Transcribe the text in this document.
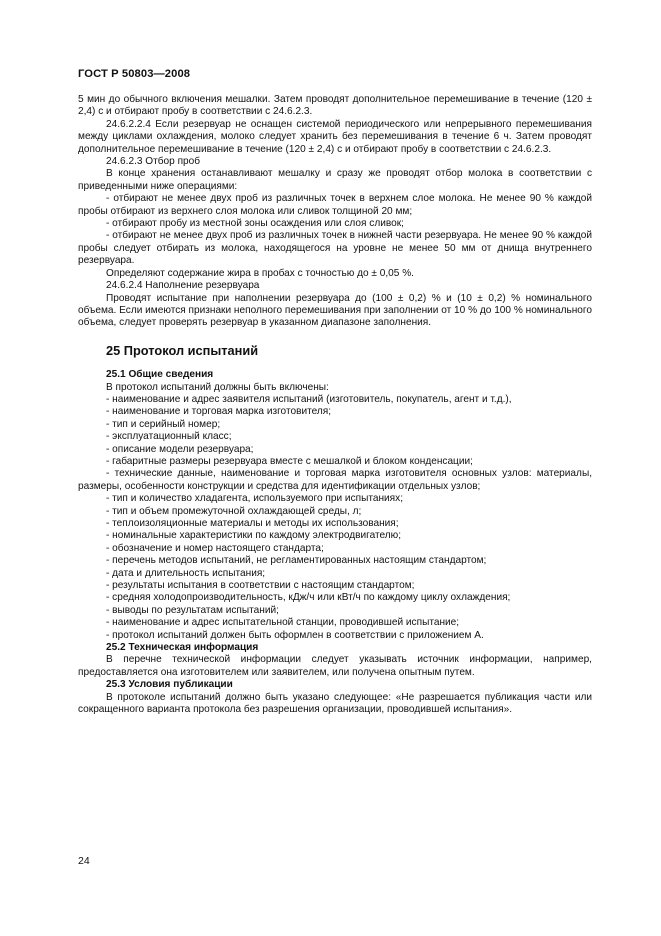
ГОСТ Р 50803—2008

5 мин до обычного включения мешалки. Затем проводят дополнительное перемешивание в течение (120 ± 2,4) с и отбирают пробу в соответствии с 24.6.2.3.

24.6.2.2.4 Если резервуар не оснащен системой периодического или непрерывного перемешивания между циклами охлаждения, молоко следует хранить без перемешивания в течение 6 ч. Затем проводят дополнительное перемешивание в течение (120 ± 2,4) с и отбирают пробу в соответствии с 24.6.2.3.

24.6.2.3 Отбор проб

В конце хранения останавливают мешалку и сразу же проводят отбор молока в соответствии с приведенными ниже операциями:

- отбирают не менее двух проб из различных точек в верхнем слое молока. Не менее 90 % каждой пробы отбирают из верхнего слоя молока или сливок толщиной 20 мм;

- отбирают пробу из местной зоны осаждения или слоя сливок;

- отбирают не менее двух проб из различных точек в нижней части резервуара. Не менее 90 % каждой пробы следует отбирать из молока, находящегося на уровне не менее 50 мм от днища внутреннего резервуара.

Определяют содержание жира в пробах с точностью до ± 0,05 %.

24.6.2.4 Наполнение резервуара

Проводят испытание при наполнении резервуара до (100 ± 0,2) % и (10 ± 0,2) % номинального объема. Если имеются признаки неполного перемешивания при заполнении от 10 % до 100 % номинального объема, следует проверять резервуар в указанном диапазоне заполнения.

25 Протокол испытаний

25.1 Общие сведения

В протокол испытаний должны быть включены:

- наименование и адрес заявителя испытаний (изготовитель, покупатель, агент и т.д.),

- наименование и торговая марка изготовителя;

- тип и серийный номер;

- эксплуатационный класс;

- описание модели резервуара;

- габаритные размеры резервуара вместе с мешалкой и блоком конденсации;

- технические данные, наименование и торговая марка изготовителя основных узлов: материалы, размеры, особенности конструкции и средства для идентификации отдельных узлов;

- тип и количество хладагента, используемого при испытаниях;

- тип и объем промежуточной охлаждающей среды, л;

- теплоизоляционные материалы и методы их использования;

- номинальные характеристики по каждому электродвигателю;

- обозначение и номер настоящего стандарта;

- перечень методов испытаний, не регламентированных настоящим стандартом;

- дата и длительность испытания;

- результаты испытания в соответствии с настоящим стандартом;

- средняя холодопроизводительность, кДж/ч или кВт/ч по каждому циклу охлаждения;

- выводы по результатам испытаний;

- наименование и адрес испытательной станции, проводившей испытание;

- протокол испытаний должен быть оформлен в соответствии с приложением А.

25.2 Техническая информация

В перечне технической информации следует указывать источник информации, например, предоставляется она изготовителем или заявителем, или получена опытным путем.

25.3 Условия публикации

В протоколе испытаний должно быть указано следующее: «Не разрешается публикация части или сокращенного варианта протокола без разрешения организации, проводившей испытания».

24
